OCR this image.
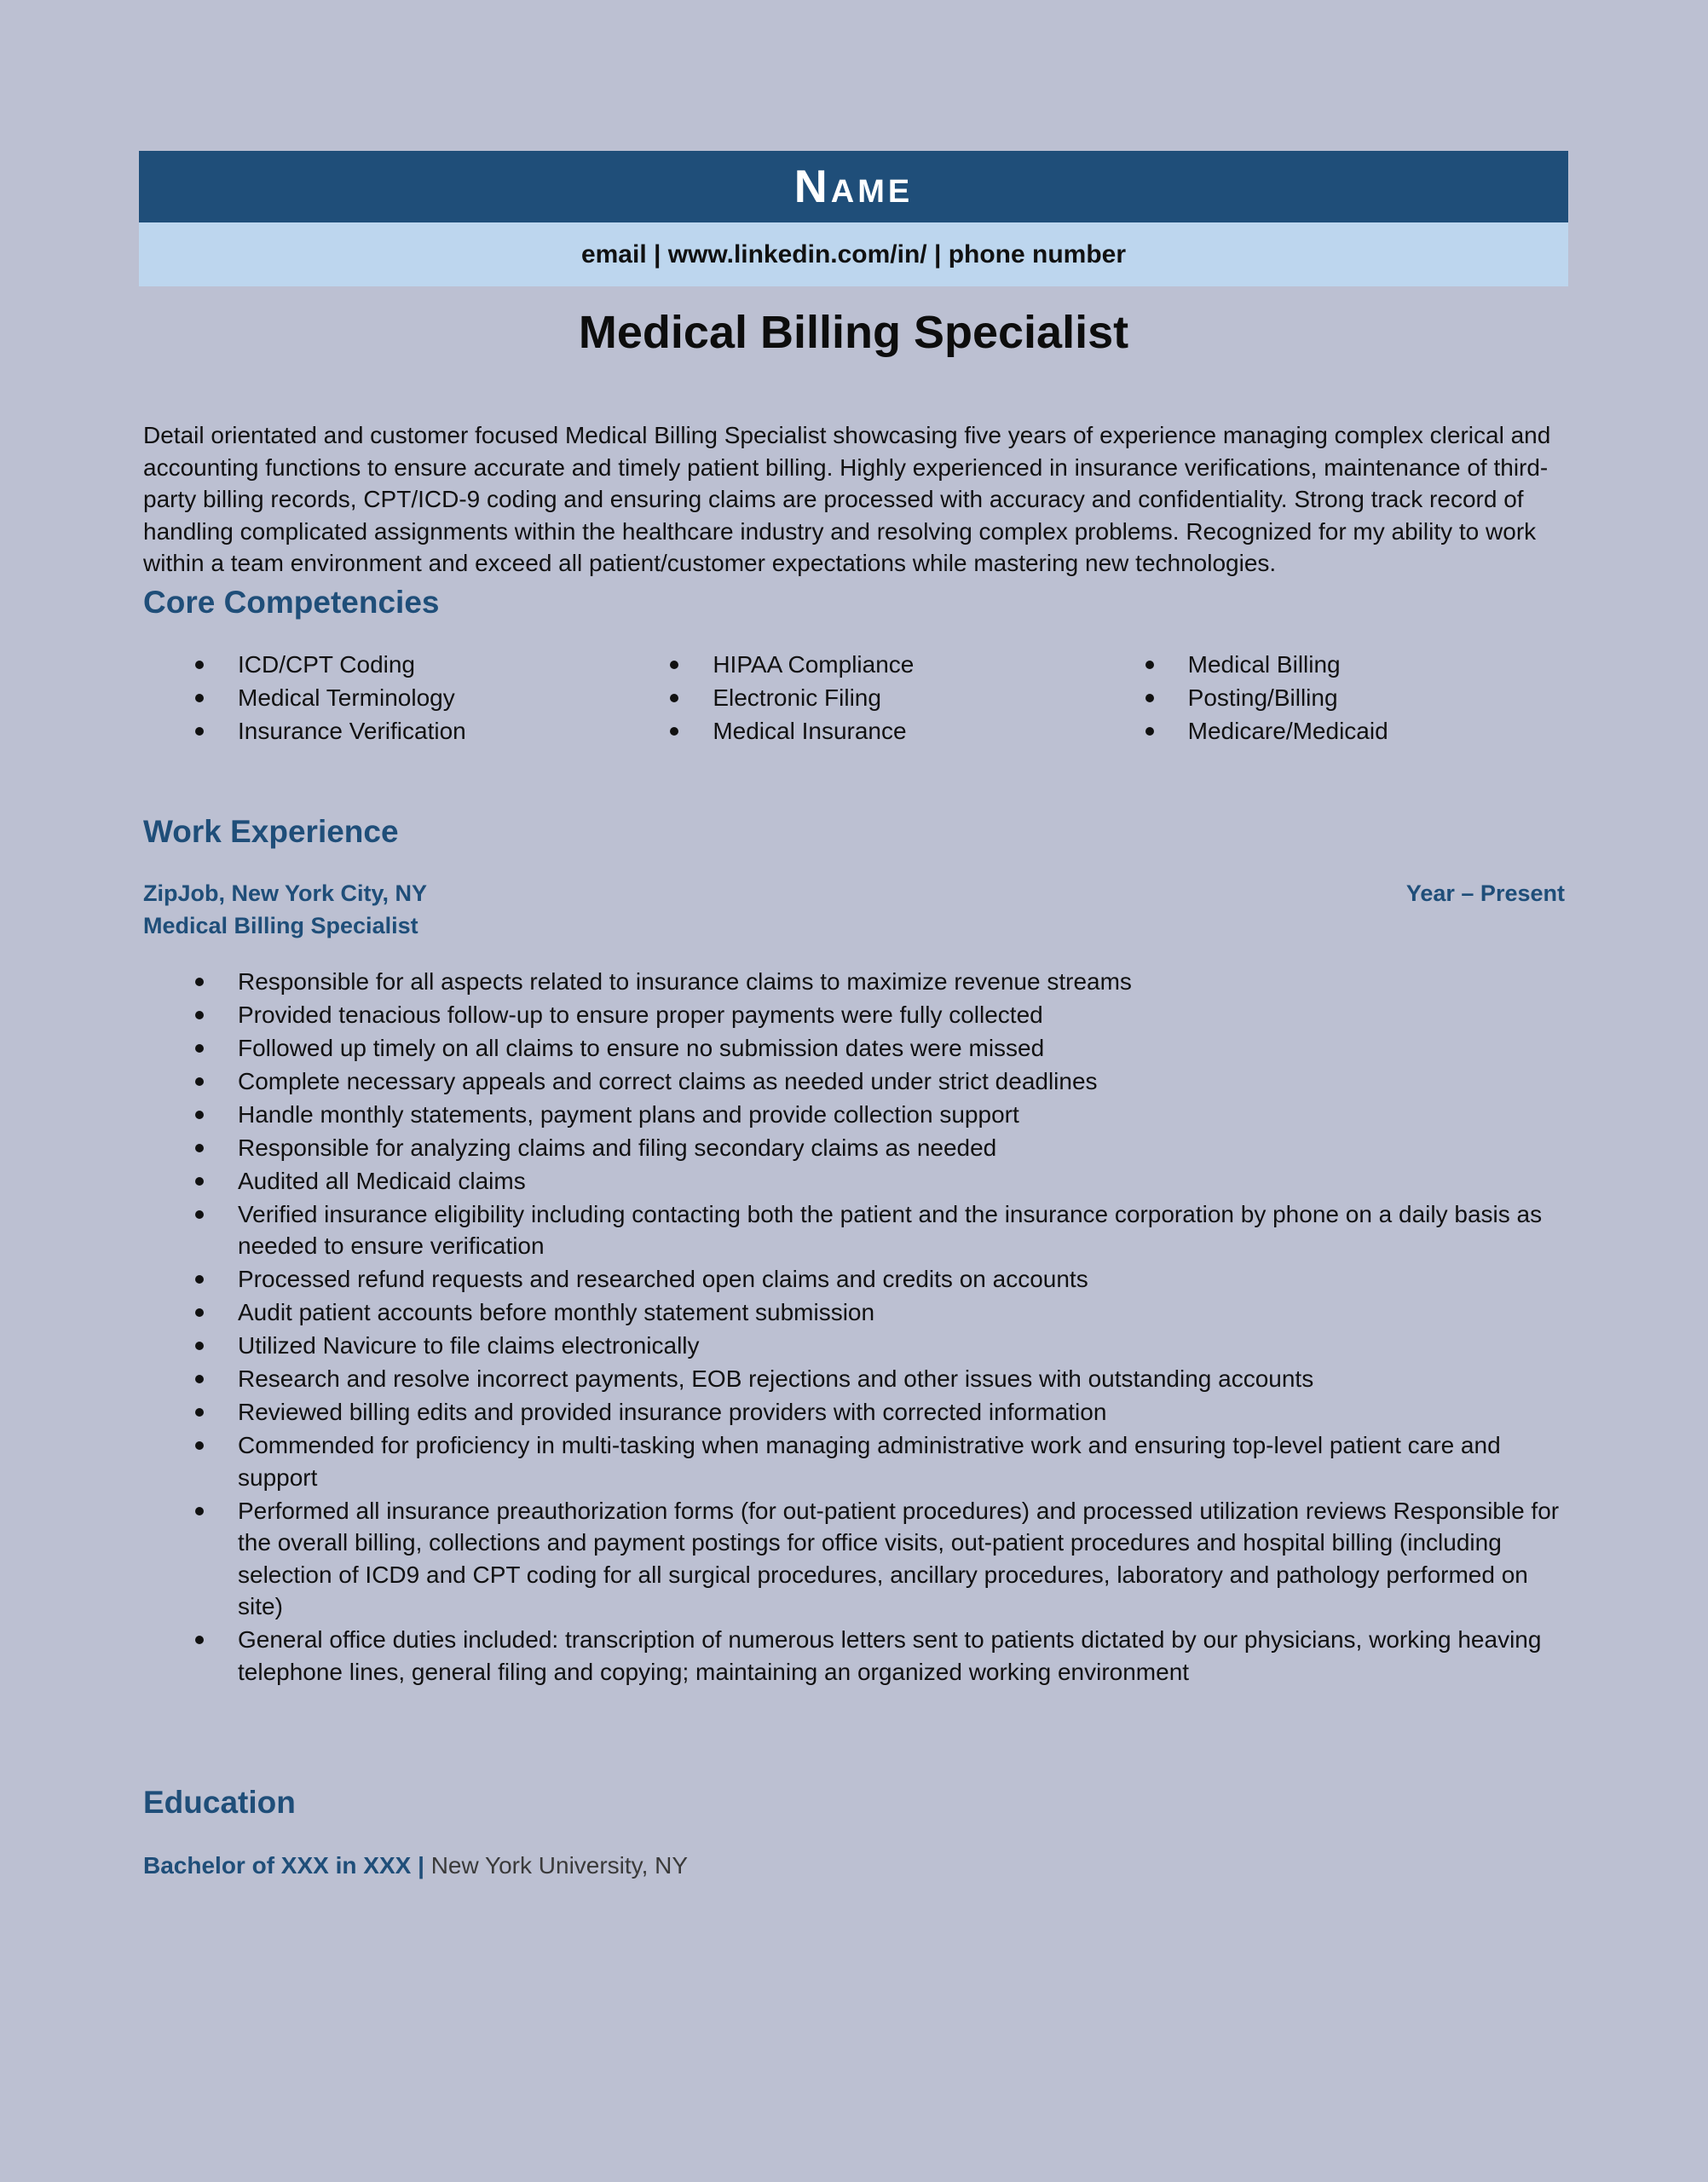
Name
email | www.linkedin.com/in/ | phone number
Medical Billing Specialist
Detail orientated and customer focused Medical Billing Specialist showcasing five years of experience managing complex clerical and accounting functions to ensure accurate and timely patient billing. Highly experienced in insurance verifications, maintenance of third-party billing records, CPT/ICD-9 coding and ensuring claims are processed with accuracy and confidentiality. Strong track record of handling complicated assignments within the healthcare industry and resolving complex problems. Recognized for my ability to work within a team environment and exceed all patient/customer expectations while mastering new technologies.
Core Competencies
ICD/CPT Coding
Medical Terminology
Insurance Verification
HIPAA Compliance
Electronic Filing
Medical Insurance
Medical Billing
Posting/Billing
Medicare/Medicaid
Work Experience
ZipJob, New York City, NY	Year – Present
Medical Billing Specialist
Responsible for all aspects related to insurance claims to maximize revenue streams
Provided tenacious follow-up to ensure proper payments were fully collected
Followed up timely on all claims to ensure no submission dates were missed
Complete necessary appeals and correct claims as needed under strict deadlines
Handle monthly statements, payment plans and provide collection support
Responsible for analyzing claims and filing secondary claims as needed
Audited all Medicaid claims
Verified insurance eligibility including contacting both the patient and the insurance corporation by phone on a daily basis as needed to ensure verification
Processed refund requests and researched open claims and credits on accounts
Audit patient accounts before monthly statement submission
Utilized Navicure to file claims electronically
Research and resolve incorrect payments, EOB rejections and other issues with outstanding accounts
Reviewed billing edits and provided insurance providers with corrected information
Commended for proficiency in multi-tasking when managing administrative work and ensuring top-level patient care and support
Performed all insurance preauthorization forms (for out-patient procedures) and processed utilization reviews Responsible for the overall billing, collections and payment postings for office visits, out-patient procedures and hospital billing (including selection of ICD9 and CPT coding for all surgical procedures, ancillary procedures, laboratory and pathology performed on site)
General office duties included: transcription of numerous letters sent to patients dictated by our physicians, working heaving telephone lines, general filing and copying; maintaining an organized working environment
Education
Bachelor of XXX in XXX | New York University, NY
